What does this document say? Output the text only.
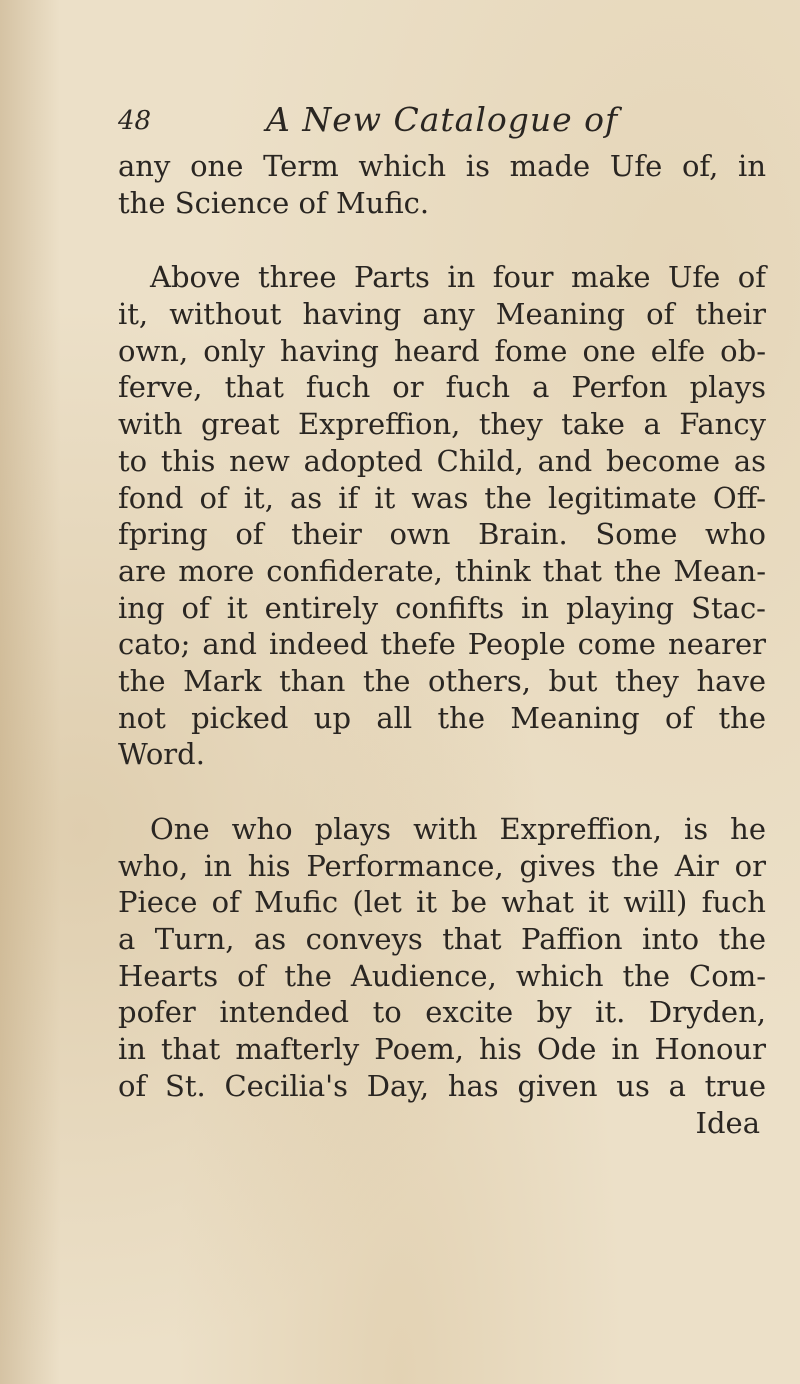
48	A New Catalogue of
any one Term which is made Ufe of, in
the Science of Mufic.
Above three Parts in four make Ufe of
it, without having any Meaning of their
own, only having heard fome one elfe ob-
ferve, that fuch or fuch a Perfon plays
with great Expreffion, they take a Fancy
to this new adopted Child, and become as
fond of it, as if it was the legitimate Off-
fpring of their own Brain. Some who
are more confiderate, think that the Mean-
ing of it entirely confifts in playing Stac-
cato; and indeed thefe People come nearer
the Mark than the others, but they have
not picked up all the Meaning of the
Word.
One who plays with Expreffion, is he
who, in his Performance, gives the Air or
Piece of Mufic (let it be what it will) fuch
a Turn, as conveys that Paffion into the
Hearts of the Audience, which the Com-
pofer intended to excite by it. Dryden,
in that mafterly Poem, his Ode in Honour
of St. Cecilia's Day, has given us a true
Idea
